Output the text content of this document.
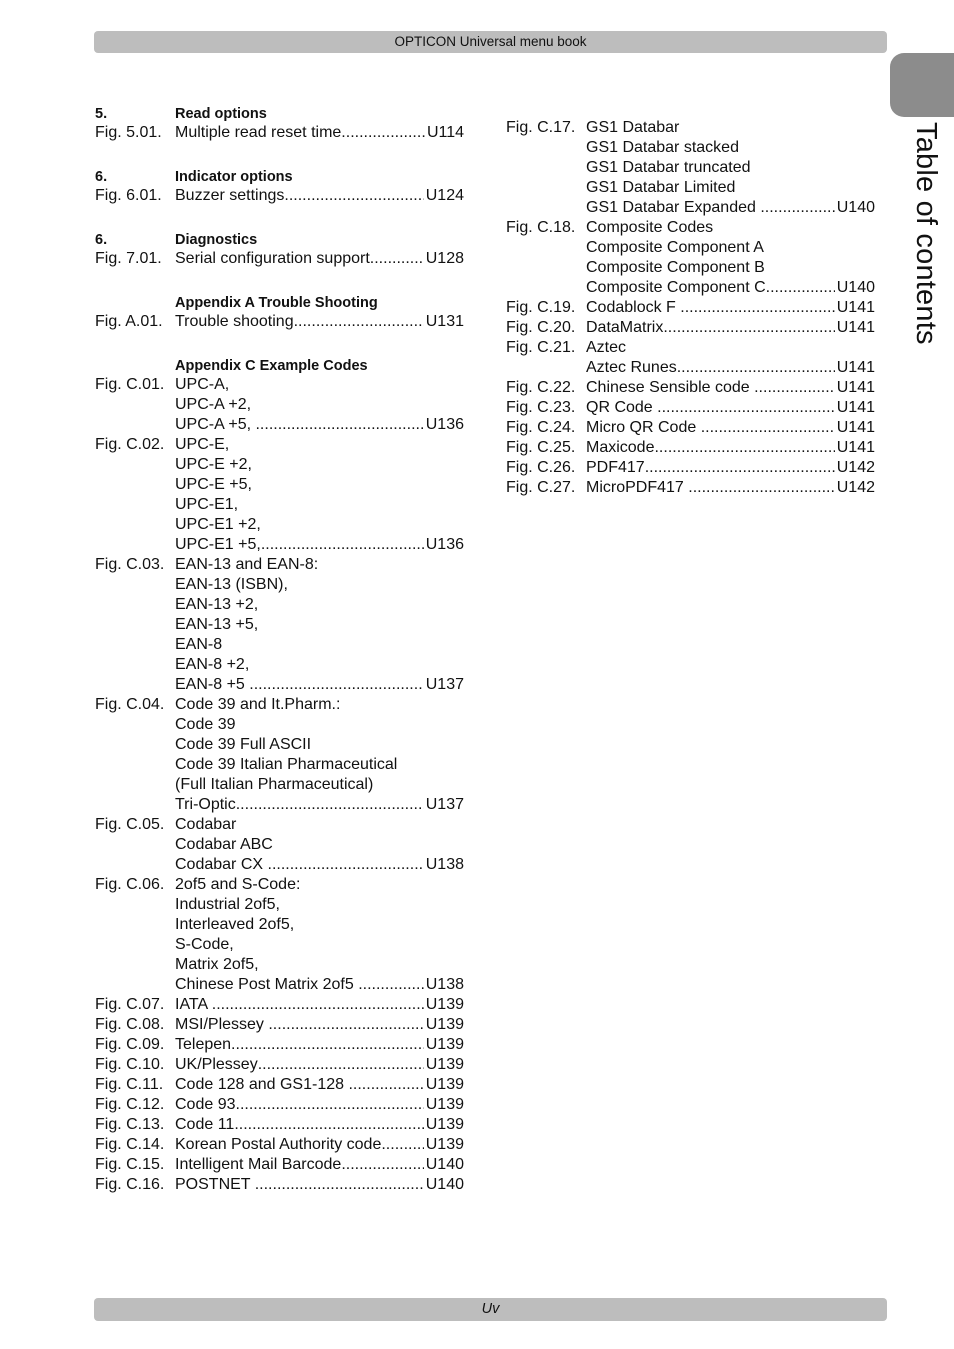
OPTICON Universal menu book
Table of contents
5.	Read options
Fig. 5.01. Multiple read reset time .....	U114
6.	Indicator options
Fig. 6.01. Buzzer settings .....	U124
6.	Diagnostics
Fig. 7.01. Serial configuration support .....	U128
Appendix A Trouble Shooting
Fig. A.01. Trouble shooting .....	U131
Appendix C Example Codes
Fig. C.01. UPC-A,
UPC-A +2,
UPC-A +5, .....	U136
Fig. C.02. UPC-E,
UPC-E +2,
UPC-E +5,
UPC-E1,
UPC-E1 +2,
UPC-E1 +5, .....	U136
Fig. C.03. EAN-13 and EAN-8:
EAN-13 (ISBN),
EAN-13 +2,
EAN-13 +5,
EAN-8
EAN-8 +2,
EAN-8 +5 .....	U137
Fig. C.04. Code 39 and It.Pharm.:
Code 39
Code 39 Full ASCII
Code 39 Italian Pharmaceutical
(Full Italian Pharmaceutical)
Tri-Optic .....	U137
Fig. C.05. Codabar
Codabar ABC
Codabar CX .....	U138
Fig. C.06. 2of5 and S-Code:
Industrial 2of5,
Interleaved 2of5,
S-Code,
Matrix 2of5,
Chinese Post Matrix 2of5 .....	U138
Fig. C.07. IATA .....	U139
Fig. C.08. MSI/Plessey .....	U139
Fig. C.09. Telepen .....	U139
Fig. C.10. UK/Plessey .....	U139
Fig. C.11. Code 128 and GS1-128 .....	U139
Fig. C.12. Code 93 .....	U139
Fig. C.13. Code 11 .....	U139
Fig. C.14. Korean Postal Authority code .....	U139
Fig. C.15. Intelligent Mail Barcode .....	U140
Fig. C.16. POSTNET .....	U140
Fig. C.17. GS1 Databar
GS1 Databar stacked
GS1 Databar truncated
GS1 Databar Limited
GS1 Databar Expanded .....	U140
Fig. C.18. Composite Codes
Composite Component A
Composite Component B
Composite Component C .....	U140
Fig. C.19. Codablock F .....	U141
Fig. C.20. DataMatrix .....	U141
Fig. C.21. Aztec
Aztec Runes .....	U141
Fig. C.22. Chinese Sensible code .....	U141
Fig. C.23. QR Code .....	U141
Fig. C.24. Micro QR Code .....	U141
Fig. C.25. Maxicode .....	U141
Fig. C.26. PDF417 .....	U142
Fig. C.27. MicroPDF417 .....	U142
Uv
